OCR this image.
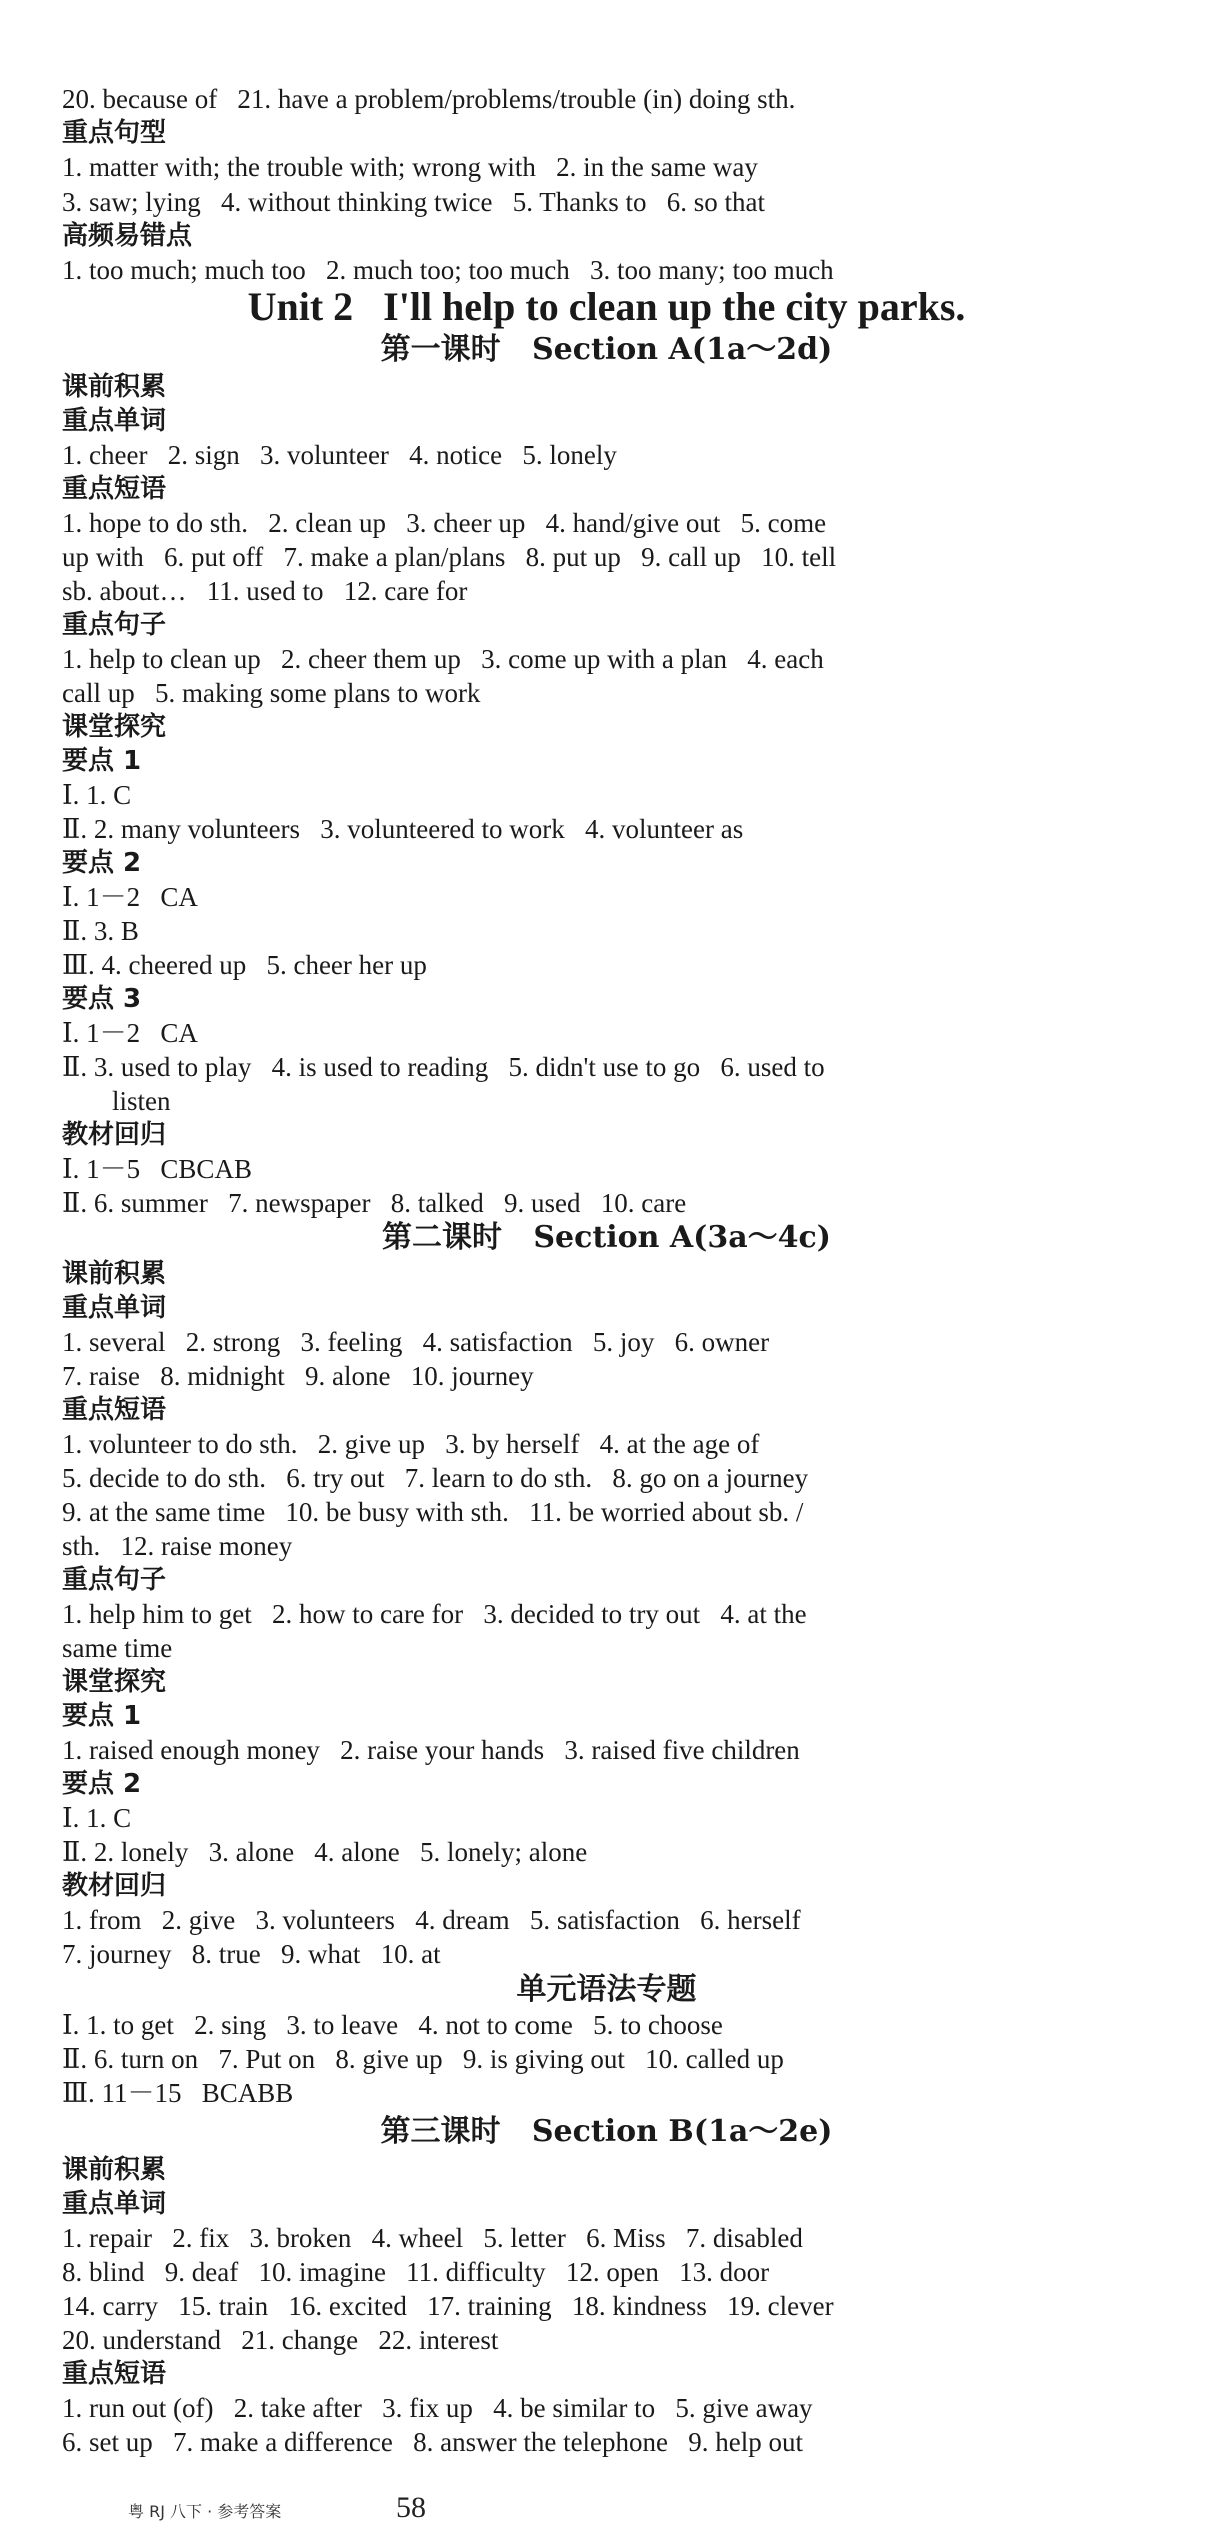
20. because of   21. have a problem/problems/trouble (in) doing sth.
重点句型
1. matter with; the trouble with; wrong with   2. in the same way
3. saw; lying   4. without thinking twice   5. Thanks to   6. so that
高频易错点
1. too much; much too   2. much too; too much   3. too many; too much
Unit 2   I'll help to clean up the city parks.
第一课时   Section A(1a～2d)
课前积累
重点单词
1. cheer   2. sign   3. volunteer   4. notice   5. lonely
重点短语
1. hope to do sth.   2. clean up   3. cheer up   4. hand/give out   5. come
up with   6. put off   7. make a plan/plans   8. put up   9. call up   10. tell
sb. about…   11. used to   12. care for
重点句子
1. help to clean up   2. cheer them up   3. come up with a plan   4. each
call up   5. making some plans to work
课堂探究
要点 1
Ⅰ. 1. C
Ⅱ. 2. many volunteers   3. volunteered to work   4. volunteer as
要点 2
Ⅰ. 1－2   CA
Ⅱ. 3. B
Ⅲ. 4. cheered up   5. cheer her up
要点 3
Ⅰ. 1－2   CA
Ⅱ. 3. used to play   4. is used to reading   5. didn't use to go   6. used to
listen
教材回归
Ⅰ. 1－5   CBCAB
Ⅱ. 6. summer   7. newspaper   8. talked   9. used   10. care
第二课时   Section A(3a～4c)
课前积累
重点单词
1. several   2. strong   3. feeling   4. satisfaction   5. joy   6. owner
7. raise   8. midnight   9. alone   10. journey
重点短语
1. volunteer to do sth.   2. give up   3. by herself   4. at the age of
5. decide to do sth.   6. try out   7. learn to do sth.   8. go on a journey
9. at the same time   10. be busy with sth.   11. be worried about sb. /
sth.   12. raise money
重点句子
1. help him to get   2. how to care for   3. decided to try out   4. at the
same time
课堂探究
要点 1
1. raised enough money   2. raise your hands   3. raised five children
要点 2
Ⅰ. 1. C
Ⅱ. 2. lonely   3. alone   4. alone   5. lonely; alone
教材回归
1. from   2. give   3. volunteers   4. dream   5. satisfaction   6. herself
7. journey   8. true   9. what   10. at
单元语法专题
Ⅰ. 1. to get   2. sing   3. to leave   4. not to come   5. to choose
Ⅱ. 6. turn on   7. Put on   8. give up   9. is giving out   10. called up
Ⅲ. 11－15   BCABB
第三课时   Section B(1a～2e)
课前积累
重点单词
1. repair   2. fix   3. broken   4. wheel   5. letter   6. Miss   7. disabled
8. blind   9. deaf   10. imagine   11. difficulty   12. open   13. door
14. carry   15. train   16. excited   17. training   18. kindness   19. clever
20. understand   21. change   22. interest
重点短语
1. run out (of)   2. take after   3. fix up   4. be similar to   5. give away
6. set up   7. make a difference   8. answer the telephone   9. help out
粤 RJ 八下 · 参考答案	58
